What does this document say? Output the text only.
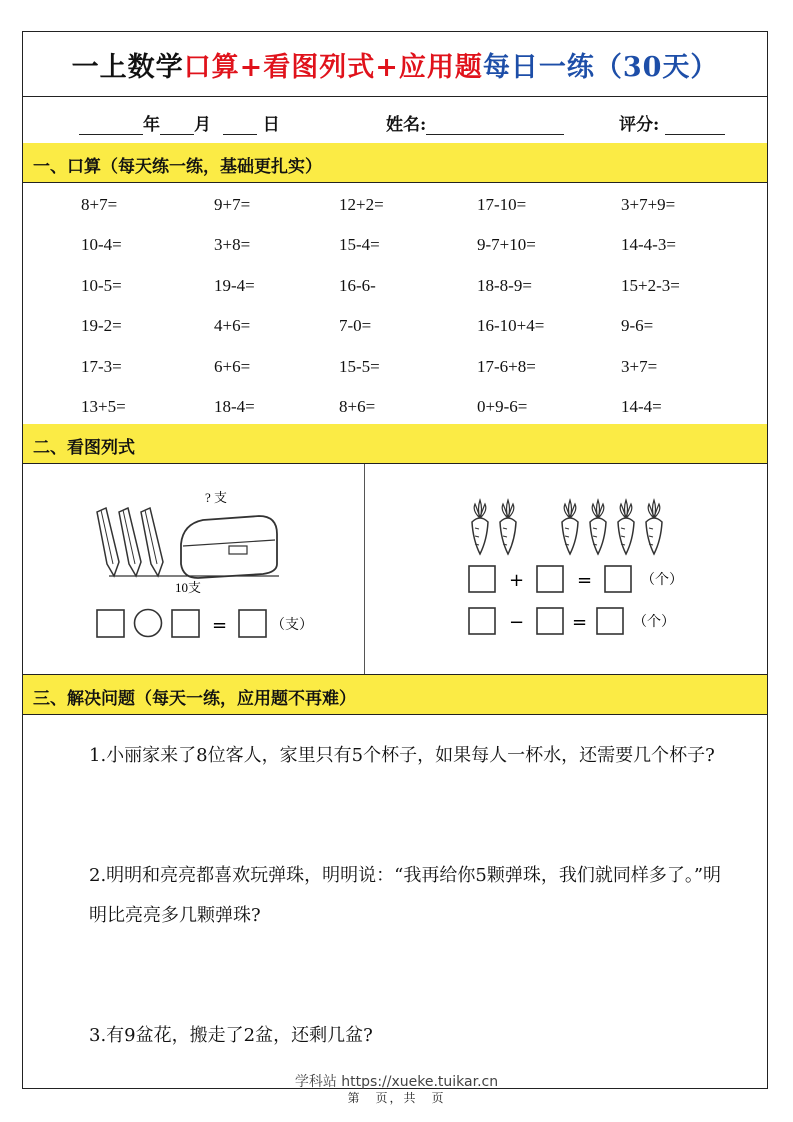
一上数学 口算+看图列式+应用题 每日一练（30天）
年 月	日	姓名:	评分:
一、口算（每天练一练，基础更扎实）
8+7=	9+7=	12+2=	17-10=	3+7+9=
10-4=	3+8=	15-4=	9-7+10=	14-4-3=
10-5=	19-4=	16-6-	18-8-9=	15+2-3=
19-2=	4+6=	7-0=	16-10+4=	9-6=
17-3=	6+6=	15-5=	17-6+8=	3+7=
13+5=	18-4=	8+6=	0+9-6=	14-4=
二、看图列式
? 支
10支
=	（支）
+	=	（个）
−	=	（个）
三、解决问题（每天一练，应用题不再难）
1.小丽家来了8位客人，家里只有5个杯子，如果每人一杯水，还需要几个杯子?
2.明明和亮亮都喜欢玩弹珠，明明说：“我再给你5颗弹珠，我们就同样多了。”明明比亮亮多几颗弹珠?
3.有9盆花，搬走了2盆，还剩几盆?
学科站 https://xueke.tuikar.cn
第　页，共　页
